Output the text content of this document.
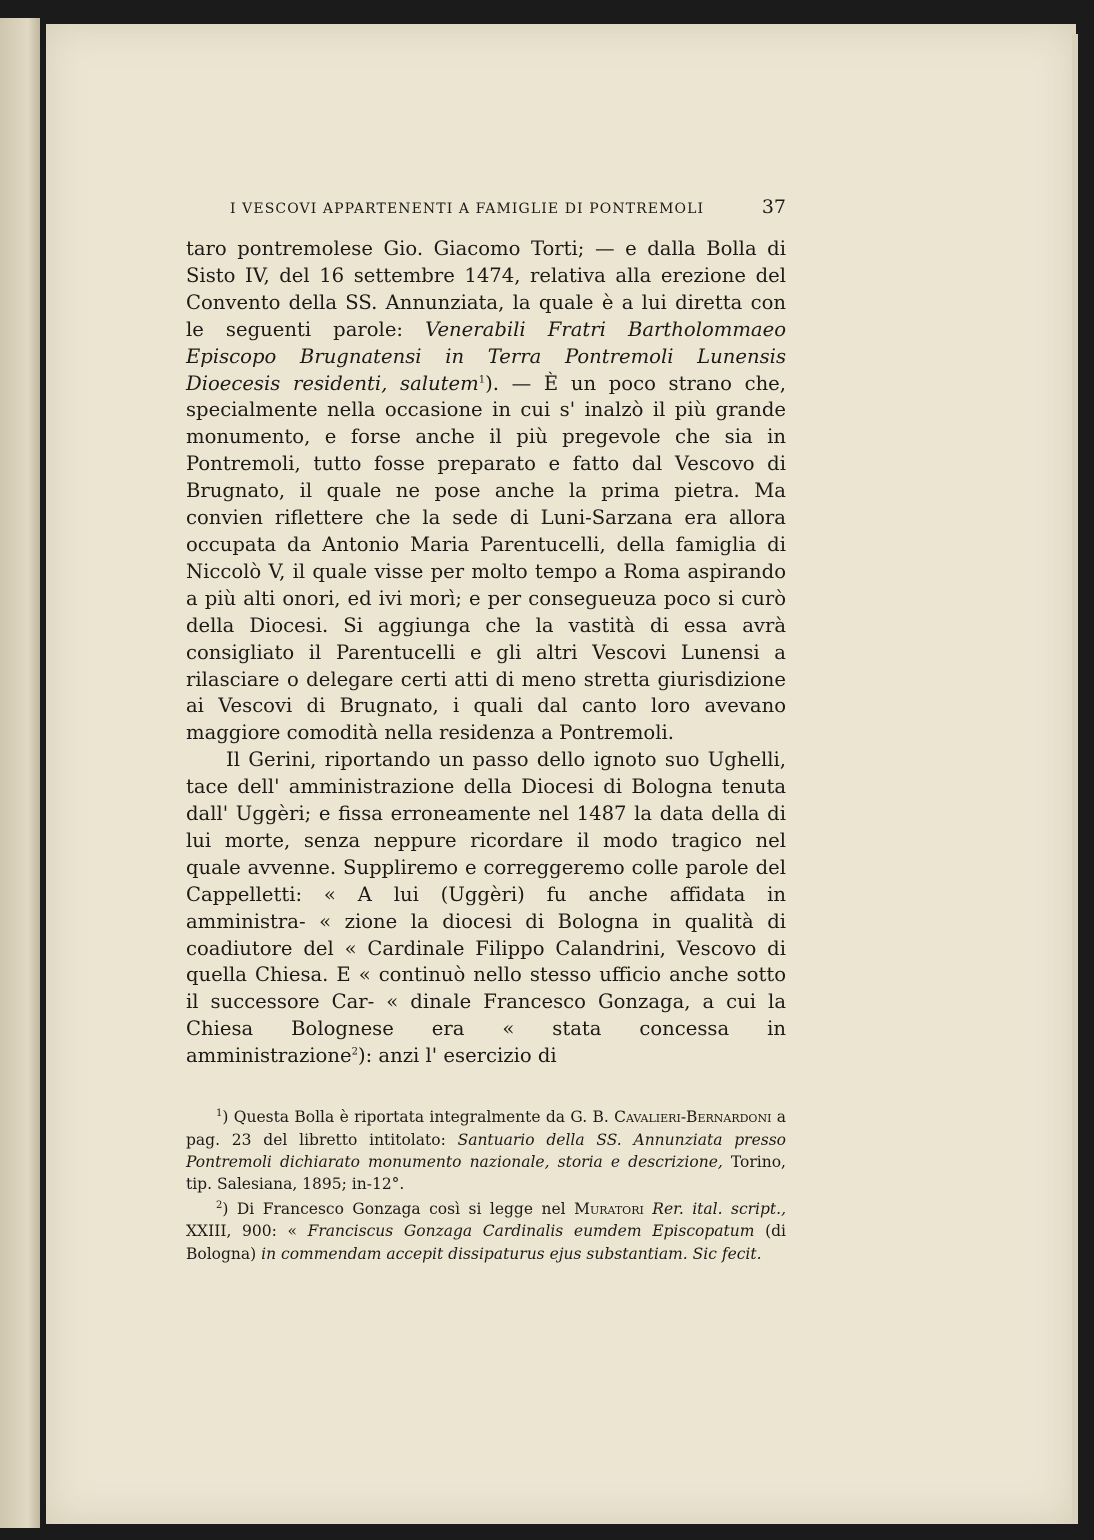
I VESCOVI APPARTENENTI A FAMIGLIE DI PONTREMOLI	37

taro pontremolese Gio. Giacomo Torti; — e dalla Bolla di Sisto IV, del 16 settembre 1474, relativa alla erezione del Convento della SS. Annunziata, la quale è a lui diretta con le seguenti parole: Venerabili Fratri Bartholommaeo Episcopo Brugnatensi in Terra Pontremoli Lunensis Dioecesis residenti, salutem$^1$). — È un poco strano che, specialmente nella occasione in cui s' inalzò il più grande monumento, e forse anche il più pregevole che sia in Pontremoli, tutto fosse preparato e fatto dal Vescovo di Brugnato, il quale ne pose anche la prima pietra. Ma convien riflettere che la sede di Luni-Sarzana era allora occupata da Antonio Maria Parentucelli, della famiglia di Niccolò V, il quale visse per molto tempo a Roma aspirando a più alti onori, ed ivi morì; e per consegueuza poco si curò della Diocesi. Si aggiunga che la vastità di essa avrà consigliato il Parentucelli e gli altri Vescovi Lunensi a rilasciare o delegare certi atti di meno stretta giurisdizione ai Vescovi di Brugnato, i quali dal canto loro avevano maggiore comodità nella residenza a Pontremoli.

Il Gerini, riportando un passo dello ignoto suo Ughelli, tace dell' amministrazione della Diocesi di Bologna tenuta dall' Uggèri; e fissa erroneamente nel 1487 la data della di lui morte, senza neppure ricordare il modo tragico nel quale avvenne. Suppliremo e correggeremo colle parole del Cappelletti: « A lui (Uggèri) fu anche affidata in amministra- « zione la diocesi di Bologna in qualità di coadiutore del « Cardinale Filippo Calandrini, Vescovo di quella Chiesa. E « continuò nello stesso ufficio anche sotto il successore Car- « dinale Francesco Gonzaga, a cui la Chiesa Bolognese era « stata concessa in amministrazione$^2$): anzi l' esercizio di

$^1$) Questa Bolla è riportata integralmente da G. B. Cavalieri-Bernardoni a pag. 23 del libretto intitolato: Santuario della SS. Annunziata presso Pontremoli dichiarato monumento nazionale, storia e descrizione, Torino, tip. Salesiana, 1895; in-12°.

$^2$) Di Francesco Gonzaga così si legge nel Muratori Rer. ital. script., XXIII, 900: « Franciscus Gonzaga Cardinalis eumdem Episcopatum (di Bologna) in commendam accepit dissipaturus ejus substantiam. Sic fecit.
